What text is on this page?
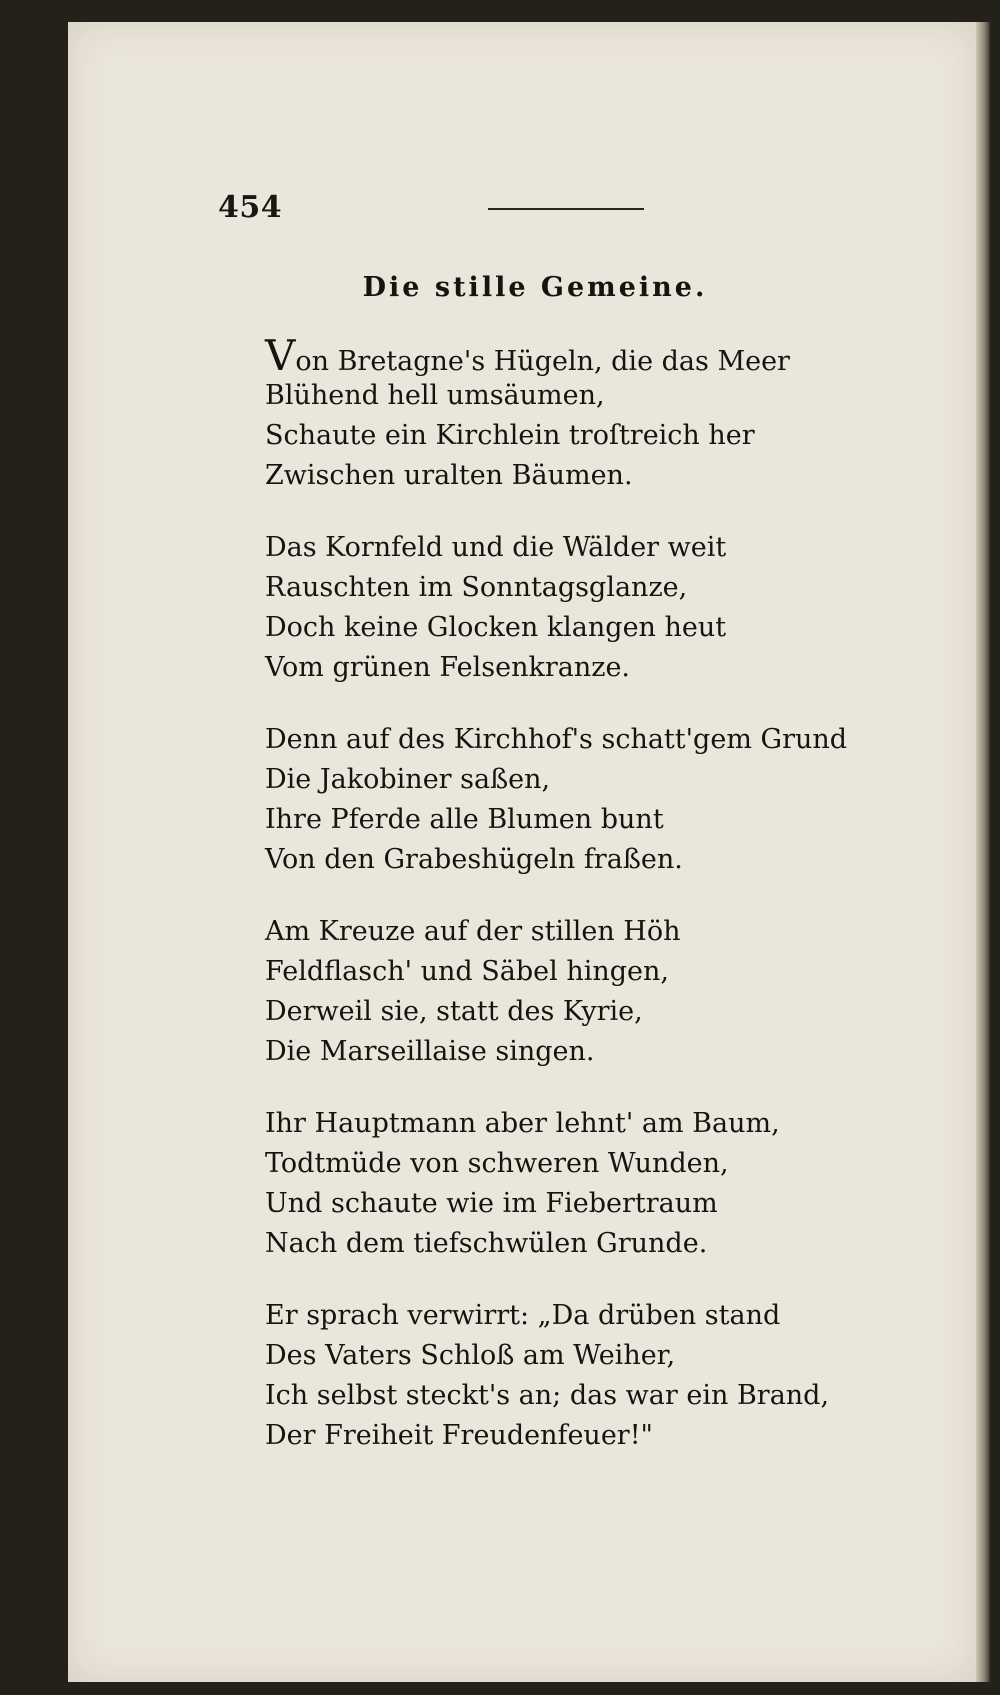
454
Die stille Gemeine.
Von Bretagne's Hügeln, die das Meer
Blühend hell umsäumen,
Schaute ein Kirchlein troſtreich her
Zwischen uralten Bäumen.
Das Kornfeld und die Wälder weit
Rauschten im Sonntagsglanze,
Doch keine Glocken klangen heut
Vom grünen Felsenkranze.
Denn auf des Kirchhof's schatt'gem Grund
Die Jakobiner saßen,
Ihre Pferde alle Blumen bunt
Von den Grabeshügeln fraßen.
Am Kreuze auf der stillen Höh
Feldflasch' und Säbel hingen,
Derweil sie, statt des Kyrie,
Die Marseillaise singen.
Ihr Hauptmann aber lehnt' am Baum,
Todtmüde von schweren Wunden,
Und schaute wie im Fiebertraum
Nach dem tiefschwülen Grunde.
Er sprach verwirrt: „Da drüben stand
Des Vaters Schloß am Weiher,
Ich selbst steckt's an; das war ein Brand,
Der Freiheit Freudenfeuer!"
